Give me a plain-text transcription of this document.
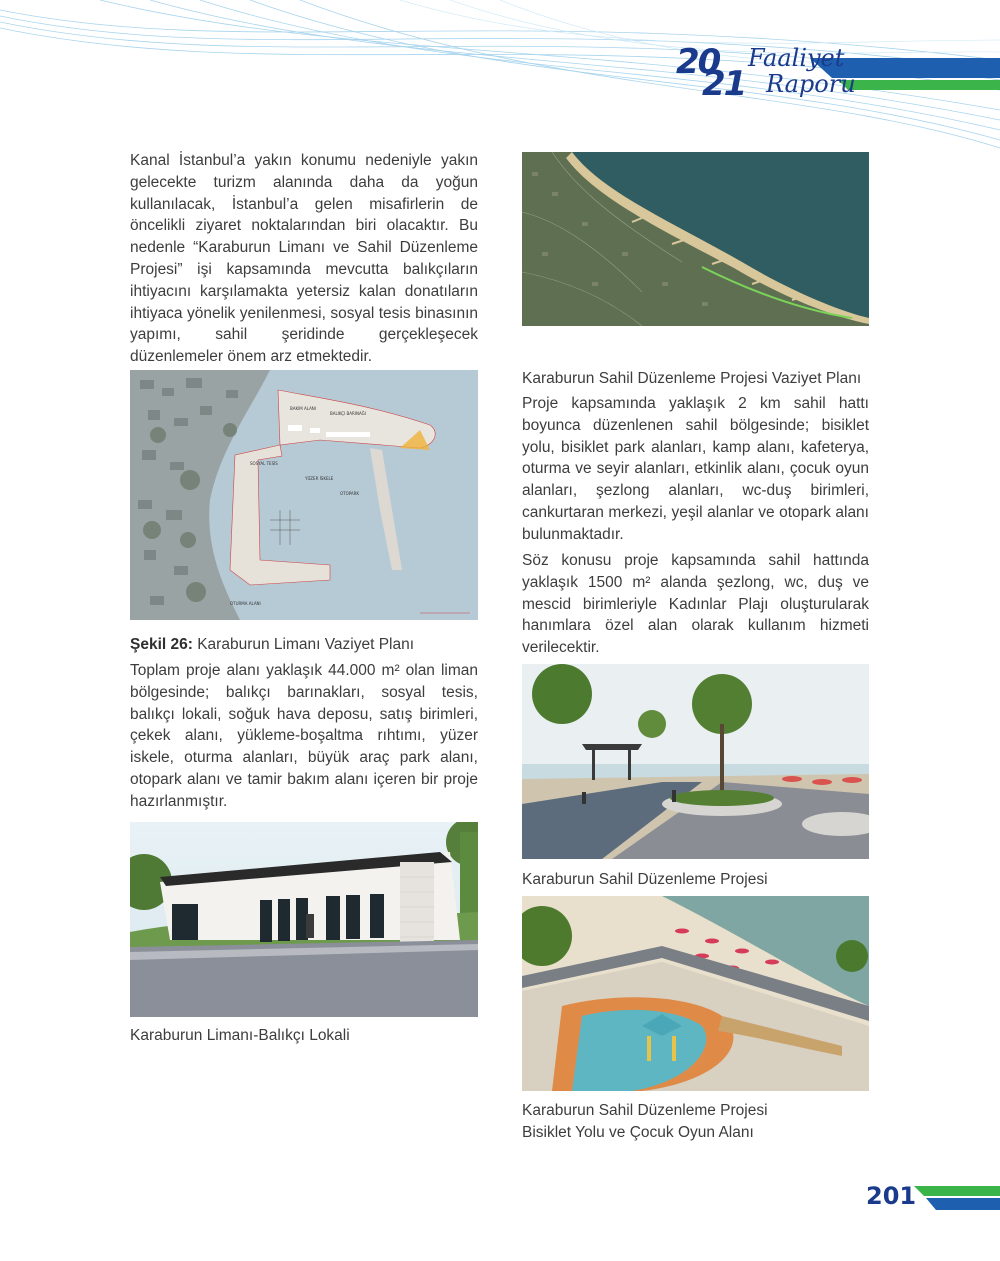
20
21
Faaliyet
Raporu

Kanal İstanbul’a yakın konumu nedeniyle yakın gelecekte turizm alanında daha da yoğun kullanılacak, İstanbul’a gelen misafirlerin de öncelikli ziyaret noktalarından biri olacaktır. Bu nedenle “Karaburun Limanı ve Sahil Düzenleme Projesi” işi kapsamında mevcutta balıkçıların ihtiyacını karşılamakta yetersiz kalan donatıların ihtiyaca yönelik yenilenmesi, sosyal tesis binasının yapımı, sahil şeridinde gerçekleşecek düzenlemeler önem arz etmektedir.

BAKIM ALANI
BALIKÇI BARINAĞI
SOSYAL TESİS
YÜZER İSKELE
OTOPARK
OTURMA ALANI

Şekil 26: Karaburun Limanı Vaziyet Planı

Toplam proje alanı yaklaşık 44.000 m² olan liman bölgesinde; balıkçı barınakları, sosyal tesis, balıkçı lokali, soğuk hava deposu, satış birimleri, çekek alanı, yükleme-boşaltma rıhtımı, yüzer iskele, oturma alanları, büyük araç park alanı, otopark alanı ve tamir bakım alanı içeren bir proje hazırlanmıştır.

Karaburun Limanı-Balıkçı Lokali

Karaburun Sahil Düzenleme Projesi Vaziyet Planı

Proje kapsamında yaklaşık 2 km sahil hattı boyunca düzenlenen sahil bölgesinde; bisiklet yolu, bisiklet park alanları, kamp alanı, kafeterya, oturma ve seyir alanları, etkinlik alanı, çocuk oyun alanları, şezlong alanları, wc-duş birimleri, cankurtaran merkezi, yeşil alanlar ve otopark alanı bulunmaktadır.

Söz konusu proje kapsamında sahil hattında yaklaşık 1500 m² alanda şezlong, wc, duş ve mescid birimleriyle Kadınlar Plajı oluşturularak hanımlara özel alan olarak kullanım hizmeti verilecektir.

Karaburun Sahil Düzenleme Projesi

Karaburun Sahil Düzenleme Projesi

Bisiklet Yolu ve Çocuk Oyun Alanı

201
